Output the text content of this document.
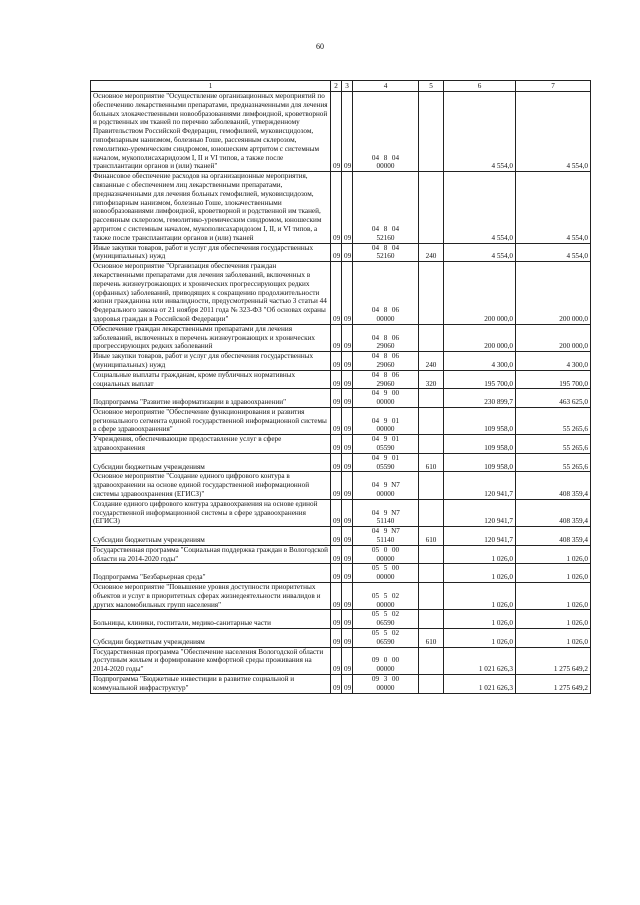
60
1	2	3	4	5	6	7
Основное мероприятие "Осуществление организационных мероприятий по обеспечению лекарственными препаратами, предназначенными для лечения больных злокачественными новообразованиями лимфоидной, кроветворной и родственных им тканей по перечню заболеваний, утвержденному Правительством Российской Федерации, гемофилией, муковисцидозом, гипофизарным нанизмом, болезнью Гоше, рассеянным склерозом, гемолитико-уремическим синдромом, юношеским артритом с системным началом, мукополисахаридозом I, II и VI типов, а также после трансплантации органов и (или) тканей"	09	09	04 8 0400000		4 554,0	4 554,0
Финансовое обеспечение расходов на организационные мероприятия, связанные с обеспечением лиц лекарственными препаратами, предназначенными для лечения больных гемофилией, муковисцидозом, гипофизарным нанизмом, болезнью Гоше, злокачественными новообразованиями лимфоидной, кроветворной и родственной им тканей, рассеянным склерозом, гемолитико-уремическим синдромом, юношеским артритом с системным началом, мукополисахаридозом I, II, и VI типов, а также после трансплантации органов и (или) тканей	09	09	04 8 0452160		4 554,0	4 554,0
Иные закупки товаров, работ и услуг для обеспечения государственных (муниципальных) нужд	09	09	04 8 0452160	240	4 554,0	4 554,0
Основное мероприятие "Организация обеспечения граждан лекарственными препаратами для лечения заболеваний, включенных в перечень жизнеугрожающих и хронических прогрессирующих редких (орфанных) заболеваний, приводящих к сокращению продолжительности жизни гражданина или инвалидности, предусмотренный частью 3 статьи 44 Федерального закона от 21 ноября 2011 года № 323-ФЗ "Об основах охраны здоровья граждан в Российской Федерации"	09	09	04 8 0600000		200 000,0	200 000,0
Обеспечение граждан лекарственными препаратами для лечения заболеваний, включенных в перечень жизнеугрожающих и хронических прогрессирующих редких заболеваний	09	09	04 8 0629060		200 000,0	200 000,0
Иные закупки товаров, работ и услуг для обеспечения государственных (муниципальных) нужд	09	09	04 8 0629060	240	4 300,0	4 300,0
Социальные выплаты гражданам, кроме публичных нормативных социальных выплат	09	09	04 8 0629060	320	195 700,0	195 700,0
Подпрограмма "Развитие информатизации в здравоохранении"	09	09	04 9 0000000		230 899,7	463 625,0
Основное мероприятие "Обеспечение функционирования и развития регионального сегмента единой государственной информационной системы в сфере здравоохранения"	09	09	04 9 0100000		109 958,0	55 265,6
Учреждения, обеспечивающие предоставление услуг в сфере здравоохранения	09	09	04 9 0105590		109 958,0	55 265,6
Субсидии бюджетным учреждениям	09	09	04 9 0105590	610	109 958,0	55 265,6
Основное мероприятие "Создание единого цифрового контура в здравоохранении на основе единой государственной информационной системы здравоохранения (ЕГИСЗ)"	09	09	04 9 N700000		120 941,7	408 359,4
Создание единого цифрового контура здравоохранения на основе единой государственной информационной системы в сфере здравоохранения (ЕГИСЗ)	09	09	04 9 N751140		120 941,7	408 359,4
Субсидии бюджетным учреждениям	09	09	04 9 N751140	610	120 941,7	408 359,4
Государственная программа "Социальная поддержка граждан в Вологодской области на 2014-2020 годы"	09	09	05 0 0000000		1 026,0	1 026,0
Подпрограмма "Безбарьерная среда"	09	09	05 5 0000000		1 026,0	1 026,0
Основное мероприятие "Повышение уровня доступности приоритетных объектов и услуг в приоритетных сферах жизнедеятельности инвалидов и других маломобильных групп населения"	09	09	05 5 0200000		1 026,0	1 026,0
Больницы, клиники, госпитали, медико-санитарные части	09	09	05 5 0206590		1 026,0	1 026,0
Субсидии бюджетным учреждениям	09	09	05 5 0206590	610	1 026,0	1 026,0
Государственная программа "Обеспечение населения Вологодской области доступным жильем и формирование комфортной среды проживания на 2014-2020 годы"	09	09	09 0 0000000		1 021 626,3	1 275 649,2
Подпрограмма "Бюджетные инвестиции в развитие социальной и коммунальной инфраструктур"	09	09	09 3 0000000		1 021 626,3	1 275 649,2
